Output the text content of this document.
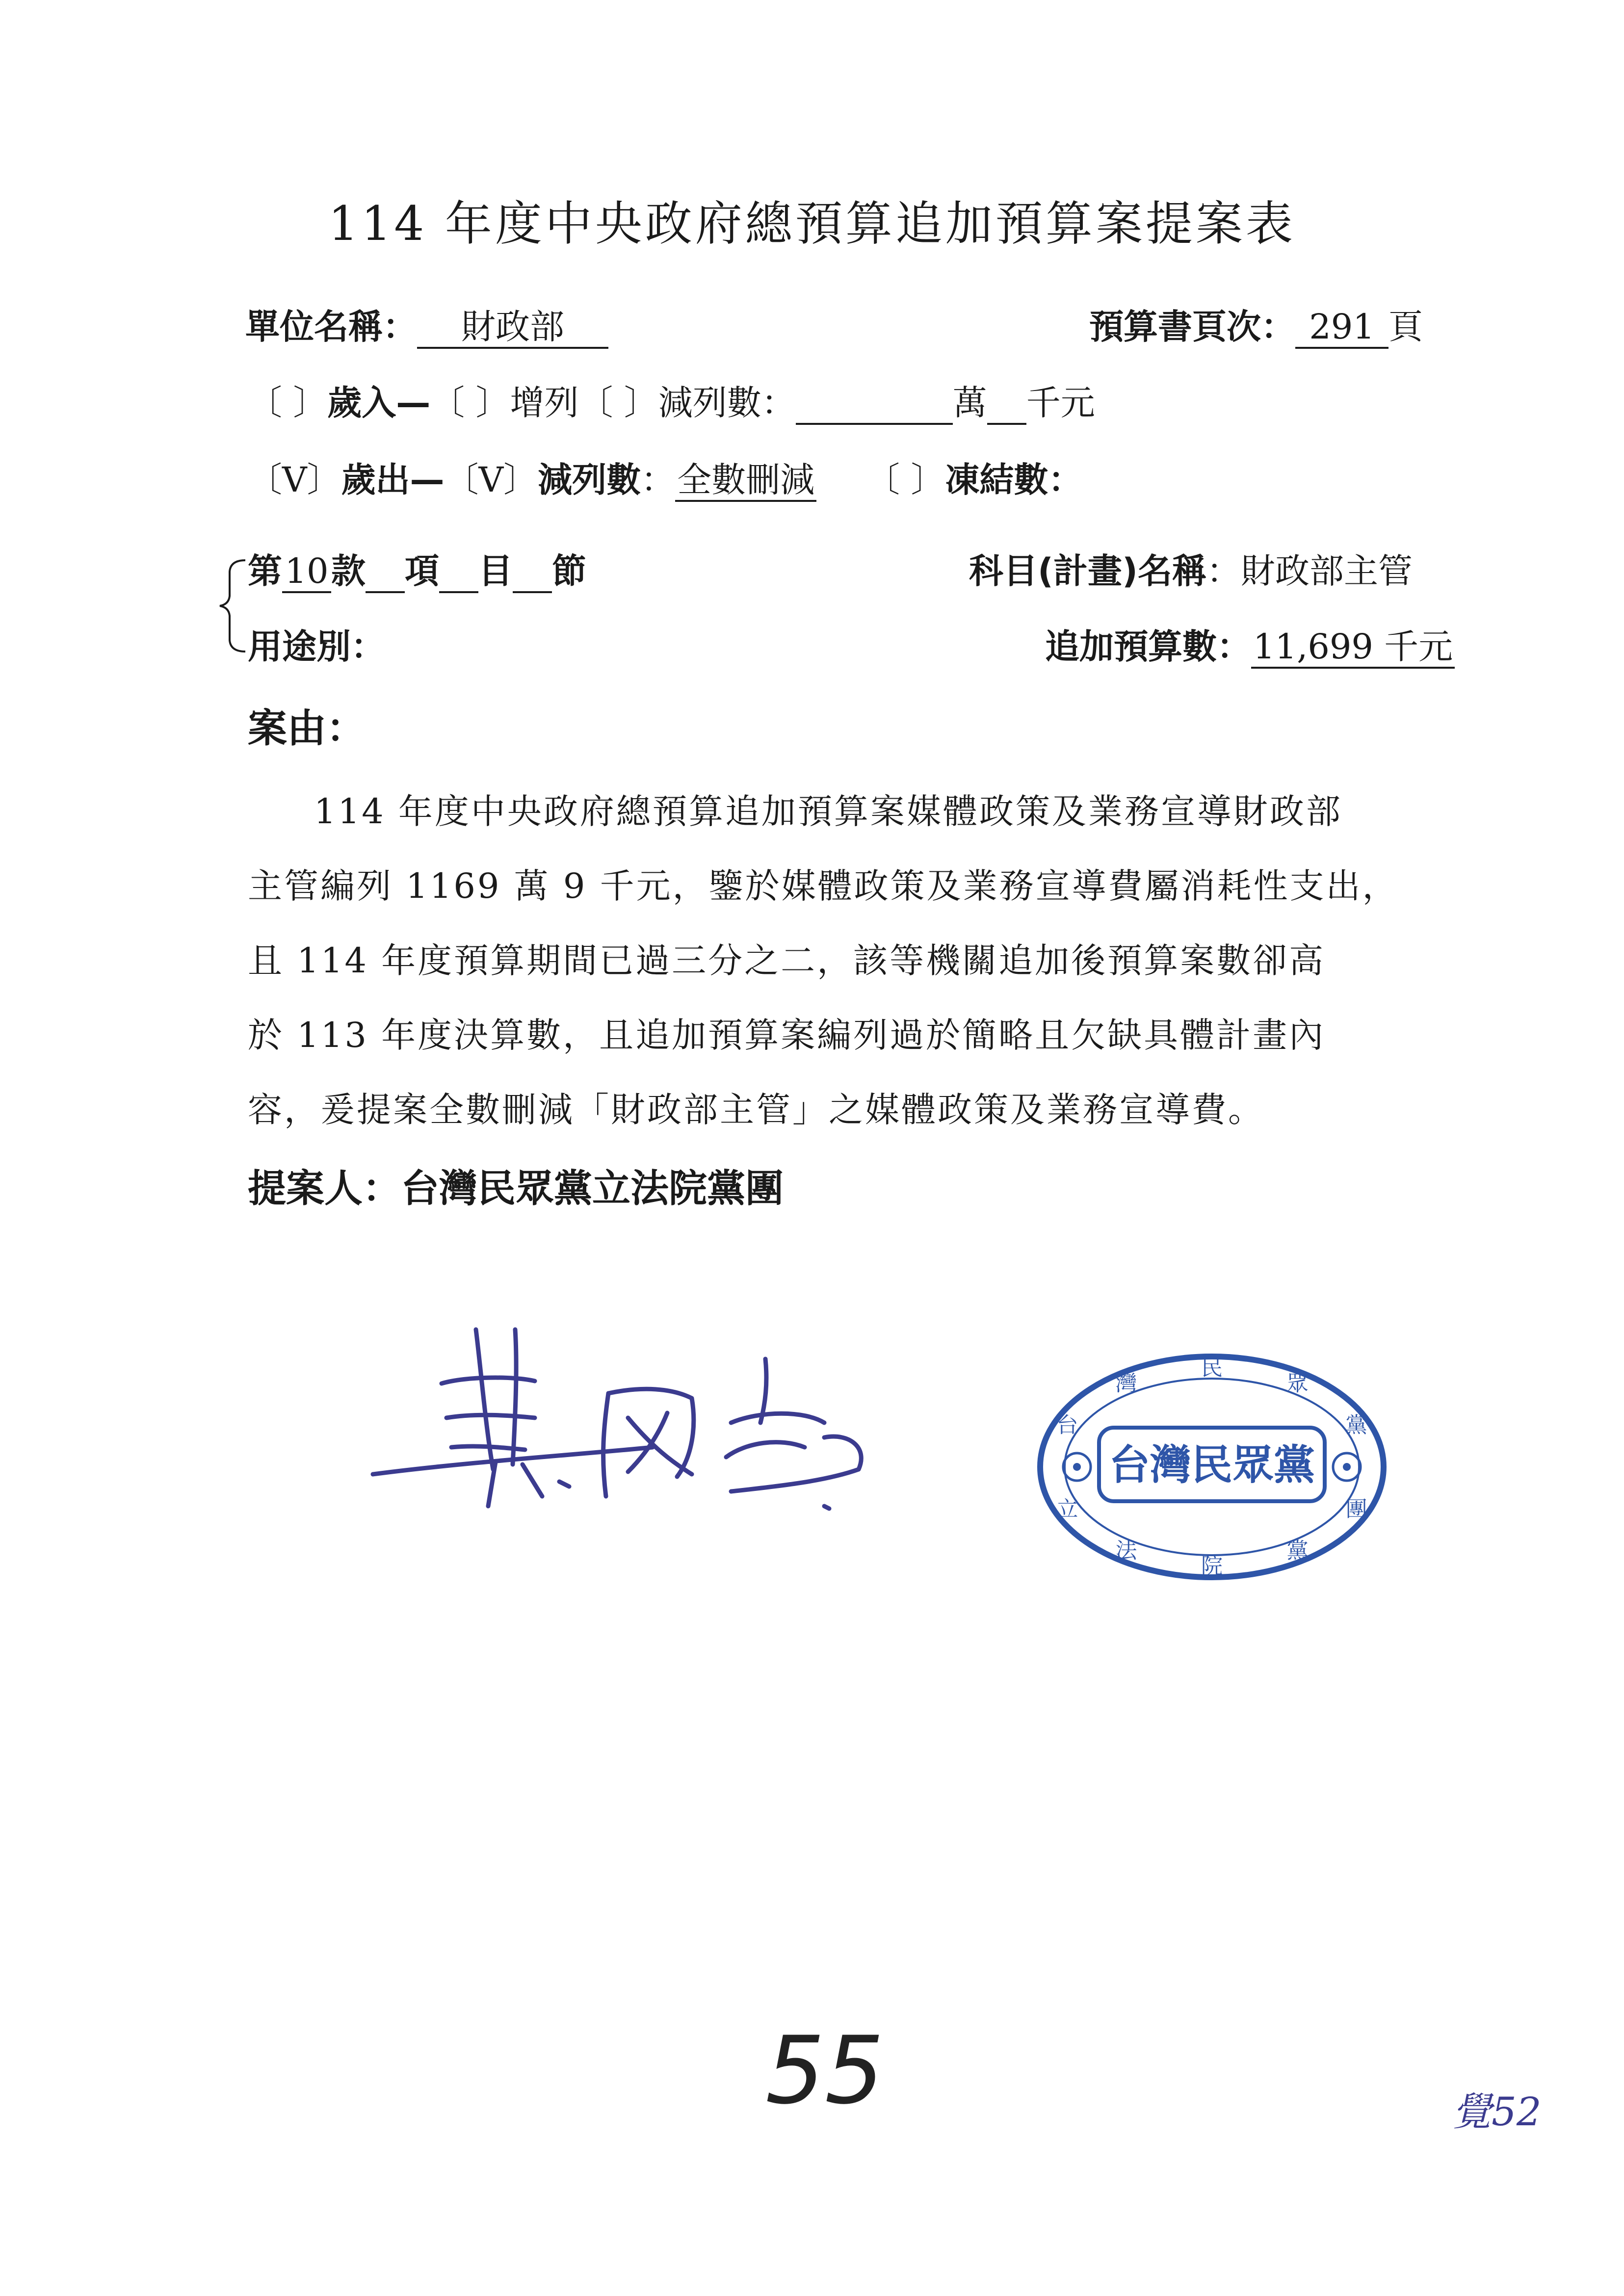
114 年度中央政府總預算追加預算案提案表
單位名稱： 財政部	預算書頁次： 291 頁
〔 〕歲入—〔 〕增列〔 〕減列數：	萬 千元
〔V〕歲出—〔V〕減列數：全數刪減 〔 〕凍結數：
第10款 項 目 節	科目(計畫)名稱：財政部主管
用途別：	追加預算數：11,699 千元
案由：
114 年度中央政府總預算追加預算案媒體政策及業務宣導財政部
主管編列 1169 萬 9 千元，鑒於媒體政策及業務宣導費屬消耗性支出，
且 114 年度預算期間已過三分之二，該等機關追加後預算案數卻高
於 113 年度決算數，且追加預算案編列過於簡略且欠缺具體計畫內
容，爰提案全數刪減「財政部主管」之媒體政策及業務宣導費。
提案人：台灣民眾黨立法院黨團
台
灣
民
眾
黨
立
法
院
黨
團
台灣民眾黨
55	覺52
